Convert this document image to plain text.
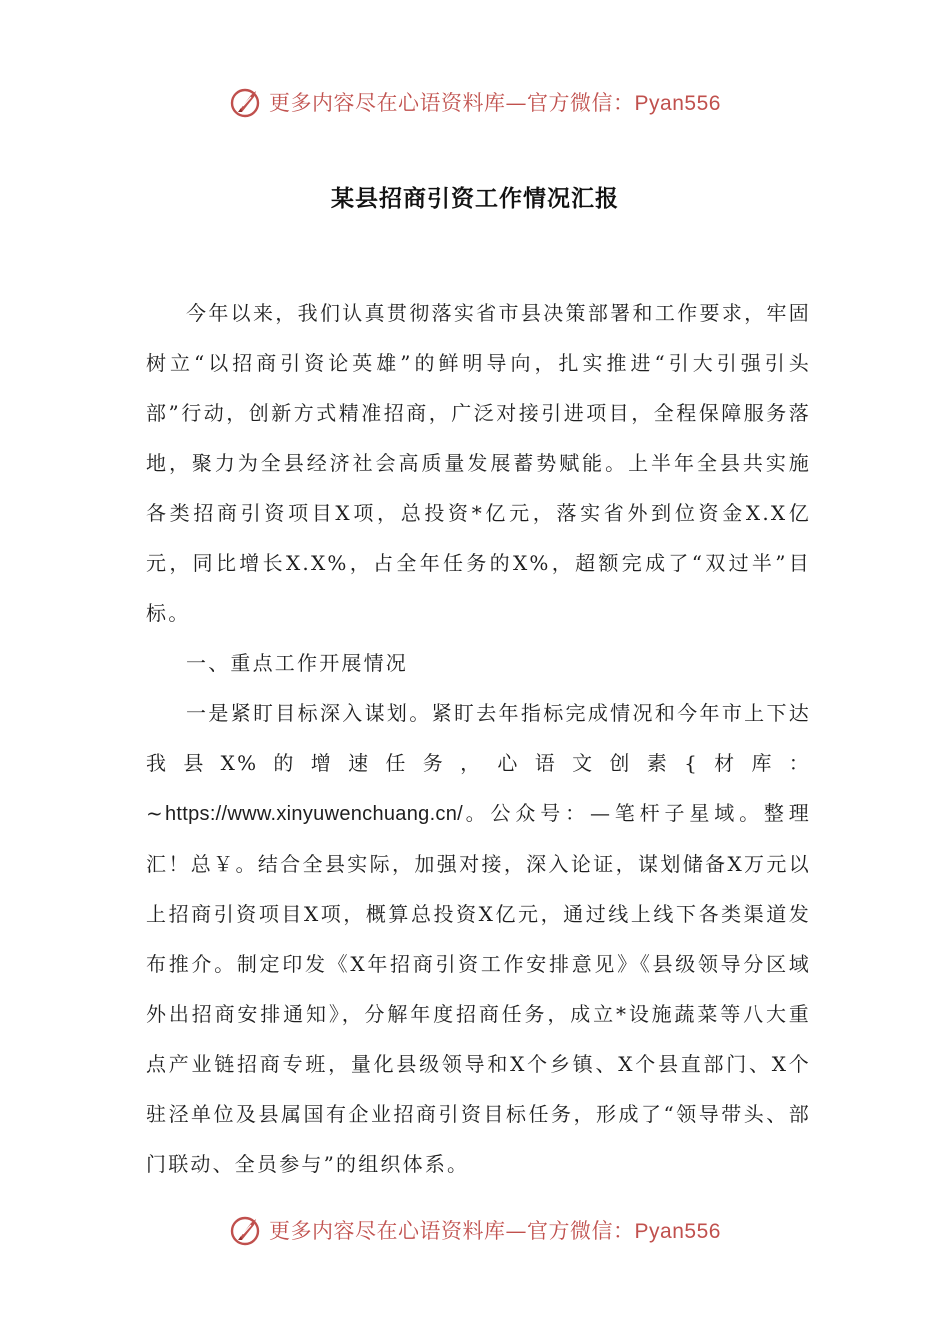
更多内容尽在心语资料库—官方微信：Pyan556
某县招商引资工作情况汇报

今年以来，我们认真贯彻落实省市县决策部署和工作要求，牢固树立“以招商引资论英雄”的鲜明导向，扎实推进“引大引强引头部”行动，创新方式精准招商，广泛对接引进项目，全程保障服务落地，聚力为全县经济社会高质量发展蓄势赋能。上半年全县共实施各类招商引资项目X项，总投资*亿元，落实省外到位资金X.X亿元，同比增长X.X%，占全年任务的X%，超额完成了“双过半”目标。

一、重点工作开展情况

一是紧盯目标深入谋划。紧盯去年指标完成情况和今年市上下达我县X%的增速任务，心语文创素{材库：~https://www.xinyuwenchuang.cn/。公众号：—笔杆子星域。整理汇！总￥。结合全县实际，加强对接，深入论证，谋划储备X万元以上招商引资项目X项，概算总投资X亿元，通过线上线下各类渠道发布推介。制定印发《X年招商引资工作安排意见》《县级领导分区域外出招商安排通知》，分解年度招商任务，成立*设施蔬菜等八大重点产业链招商专班，量化县级领导和X个乡镇、X个县直部门、X个驻泾单位及县属国有企业招商引资目标任务，形成了“领导带头、部门联动、全员参与”的组织体系。

更多内容尽在心语资料库—官方微信：Pyan556
